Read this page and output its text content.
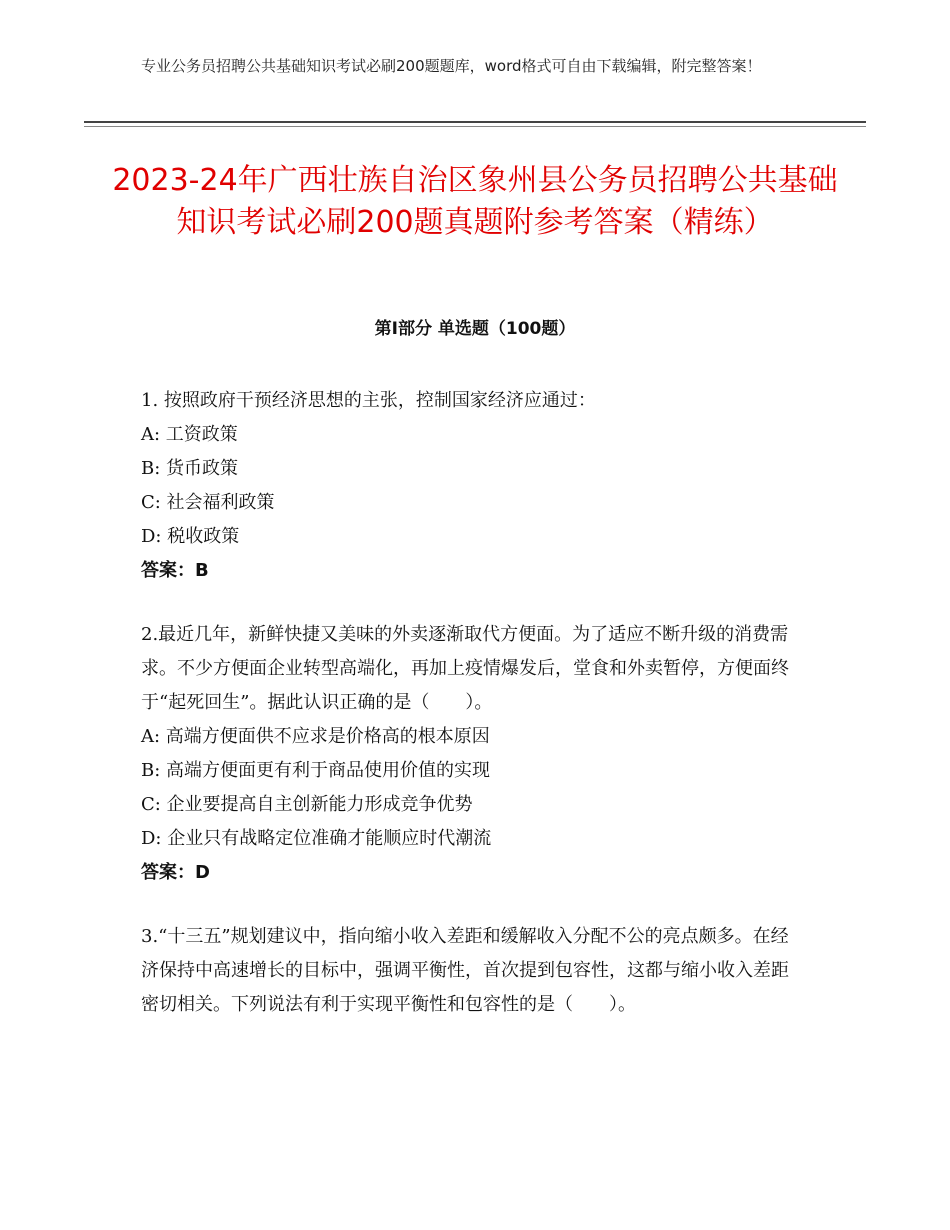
专业公务员招聘公共基础知识考试必刷200题题库，word格式可自由下载编辑，附完整答案！
2023-24年广西壮族自治区象州县公务员招聘公共基础知识考试必刷200题真题附参考答案（精练）
第Ⅰ部分 单选题（100题）

1. 按照政府干预经济思想的主张，控制国家经济应通过：

A: 工资政策

B: 货币政策

C: 社会福利政策

D: 税收政策

答案：B

2.最近几年，新鲜快捷又美味的外卖逐渐取代方便面。为了适应不断升级的消费需求。不少方便面企业转型高端化，再加上疫情爆发后，堂食和外卖暂停，方便面终于“起死回生”。据此认识正确的是（　　）。

A: 高端方便面供不应求是价格高的根本原因

B: 高端方便面更有利于商品使用价值的实现

C: 企业要提高自主创新能力形成竞争优势

D: 企业只有战略定位准确才能顺应时代潮流

答案：D

3.“十三五”规划建议中，指向缩小收入差距和缓解收入分配不公的亮点颇多。在经济保持中高速增长的目标中，强调平衡性，首次提到包容性，这都与缩小收入差距密切相关。下列说法有利于实现平衡性和包容性的是（　　）。
